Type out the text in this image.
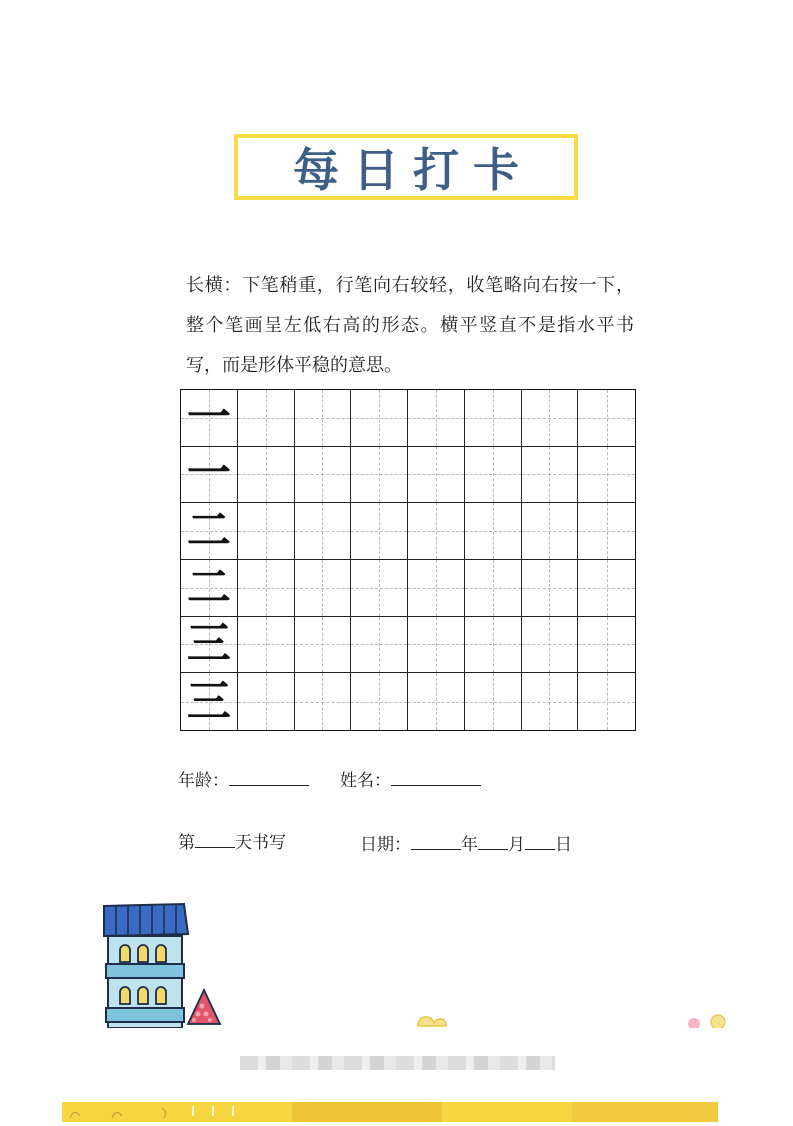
每日打卡
长横：下笔稍重，行笔向右较轻，收笔略向右按一下，整个笔画呈左低右高的形态。横平竖直不是指水平书写，而是形体平稳的意思。
一
一
二
二
三
三
年龄：	姓名：
第 天书写	日期：	年 月 日
